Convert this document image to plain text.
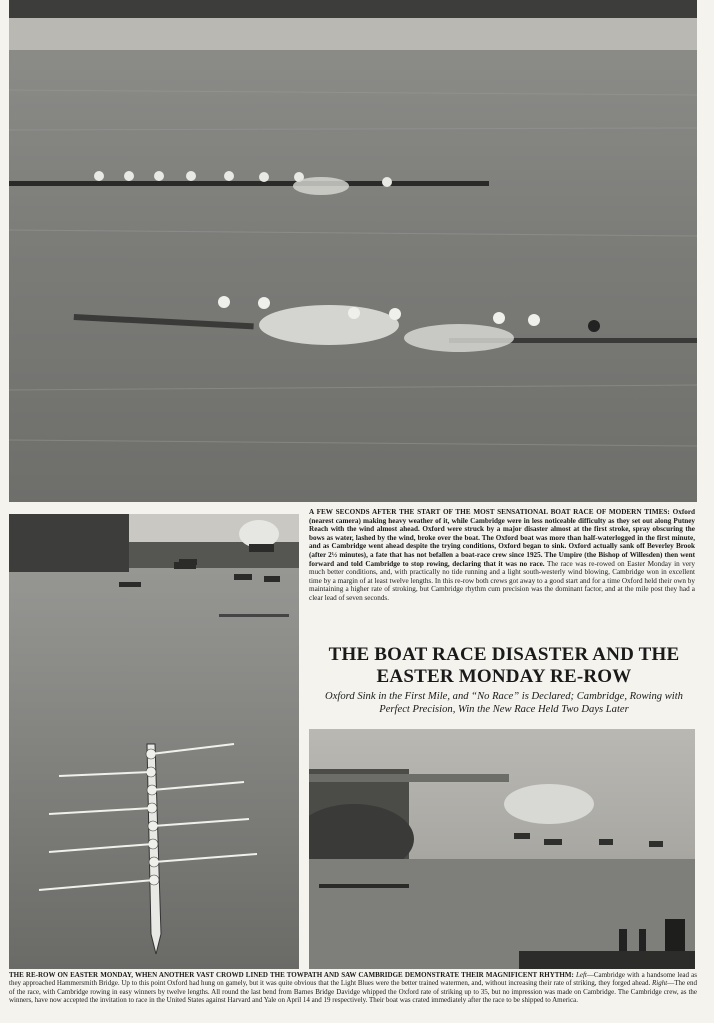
A FEW SECONDS AFTER THE START OF THE MOST SENSATIONAL BOAT RACE OF MODERN TIMES: Oxford (nearest camera) making heavy weather of it, while Cambridge were in less noticeable difficulty as they set out along Putney Reach with the wind almost ahead. Oxford were struck by a major disaster almost at the first stroke, spray obscuring the bows as water, lashed by the wind, broke over the boat. The Oxford boat was more than half-waterlogged in the first minute, and as Cambridge went ahead despite the trying conditions, Oxford began to sink. Oxford actually sank off Beverley Brook (after 2½ minutes), a fate that has not befallen a boat-race crew since 1925. The Umpire (the Bishop of Willesden) then went forward and told Cambridge to stop rowing, declaring that it was no race. The race was re-rowed on Easter Monday in very much better conditions, and, with practically no tide running and a light south-westerly wind blowing, Cambridge won in excellent time by a margin of at least twelve lengths. In this re-row both crews got away to a good start and for a time Oxford held their own by maintaining a higher rate of stroking, but Cambridge rhythm cum precision was the dominant factor, and at the mile post they had a clear lead of seven seconds.
THE BOAT RACE DISASTER AND THE
EASTER MONDAY RE-ROW
Oxford Sink in the First Mile, and “No Race” is Declared; Cambridge, Rowing with Perfect Precision, Win the New Race Held Two Days Later
THE RE-ROW ON EASTER MONDAY, WHEN ANOTHER VAST CROWD LINED THE TOWPATH AND SAW CAMBRIDGE DEMONSTRATE THEIR MAGNIFICENT RHYTHM: Left—Cambridge with a handsome lead as they approached Hammersmith Bridge. Up to this point Oxford had hung on gamely, but it was quite obvious that the Light Blues were the better trained watermen, and, without increasing their rate of striking, they forged ahead. Right—The end of the race, with Cambridge rowing in easy winners by twelve lengths. All round the last bend from Barnes Bridge Davidge whipped the Oxford rate of striking up to 35, but no impression was made on Cambridge. The Cambridge crew, as the winners, have now accepted the invitation to race in the United States against Harvard and Yale on April 14 and 19 respectively. Their boat was crated immediately after the race to be shipped to America.
